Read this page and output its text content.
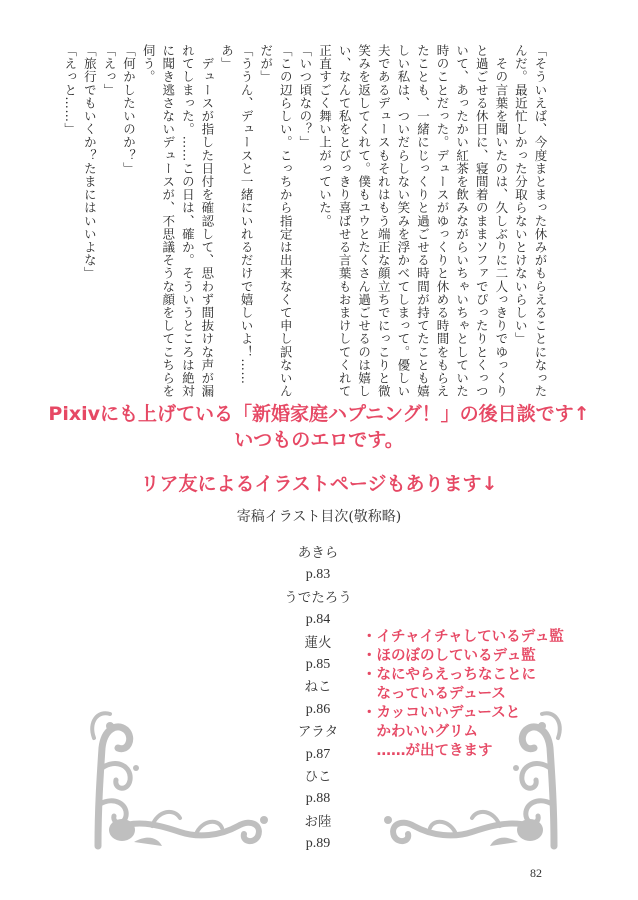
「そういえば、今度まとまった休みがもらえることになったんだ。最近忙しかった分取らないとけないらしい」

　その言葉を聞いたのは、久しぶりに二人っきりでゆっくりと過ごせる休日に、寝間着のままソファでぴったりとくっついて、あったかい紅茶を飲みながらいちゃいちゃとしていた時のことだった。デュースがゆっくりと休める時間をもらえたことも、一緒にじっくりと過ごせる時間が持てたことも嬉しい私は、ついだらしない笑みを浮かべてしまって。優しい夫であるデュースもそれはもう端正な顔立ちでにっこりと微笑みを返してくれて。僕もユウとたくさん過ごせるのは嬉しい、なんて私をとびっきり喜ばせる言葉もおまけしてくれて正直すごく舞い上がっていた。

「いつ頃なの？」

「この辺らしい。こっちから指定は出来なくて申し訳ないんだが」

「ううん、デュースと一緒にいれるだけで嬉しいよ！……あ」

　デュースが指した日付を確認して、思わず間抜けな声が漏れてしまった。……この日は、確か。そういうところは絶対に聞き逃さないデュースが、不思議そうな顔をしてこちらを伺う。

「何かしたいのか？」

「えっ」

「旅行でもいくか？たまにはいいよな」

「えっと……」

Pixivにも上げている「新婚家庭ハプニング！」の後日談です↑

いつものエロです。

リア友によるイラストページもあります↓

寄稿イラスト目次(敬称略)
あきら
p.83
うでたろう
p.84
蓮火
p.85
ねこ
p.86
アラタ
p.87
ひこ
p.88
お陸
p.89
・イチャイチャしているデュ監
・ほのぼのしているデュ監
・なにやらえっちなことに
　なっているデュース
・カッコいいデュースと
　かわいいグリム
　……が出てきます
82
